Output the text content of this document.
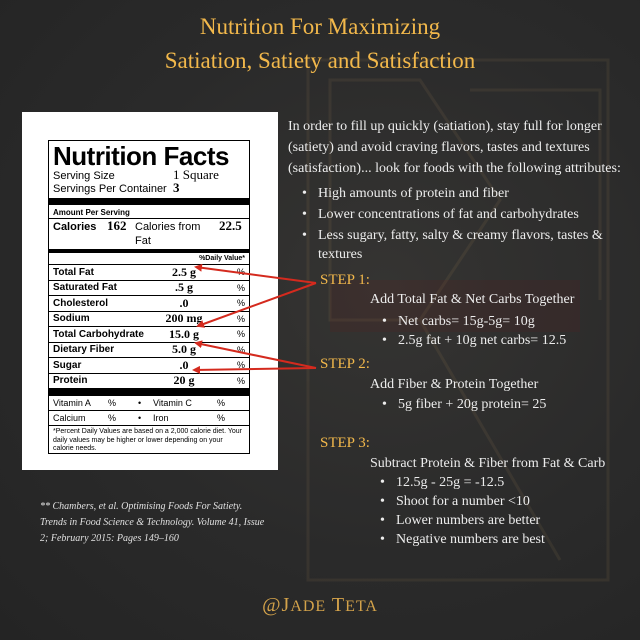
Nutrition For Maximizing
Satiation, Satiety and Satisfaction
Nutrition Facts
Serving Size	1 Square
Servings Per Container 3
Amount Per Serving
Calories 162 Calories from Fat
22.5
%Daily Value*
Total Fat	2.5 g	%
Saturated Fat	.5 g	%
Cholesterol	.0	%
Sodium	200 mg	%
Total Carbohydrate	15.0 g	%
Dietary Fiber	5.0 g	%
Sugar	.0	%
Protein	20 g	%
Vitamin A	%	•	Vitamin C	%
Calcium	%	•	Iron	%
*Percent Daily Values are based on a 2,000 calorie diet. Your daily values may be higher or lower depending on your calorie needs.
In order to fill up quickly (satiation), stay full for longer (satiety) and avoid craving flavors, tastes and textures (satisfaction)... look for foods with the following attributes:
• High amounts of protein and fiber
• Lower concentrations of fat and carbohydrates
• Less sugary, fatty, salty & creamy flavors, tastes & textures
STEP 1:
Add Total Fat & Net Carbs Together
• Net carbs= 15g-5g= 10g
• 2.5g fat + 10g net carbs= 12.5
STEP 2:
Add Fiber & Protein Together
• 5g fiber + 20g protein= 25
STEP 3:
Subtract Protein & Fiber from Fat & Carb
• 12.5g - 25g = -12.5
• Shoot for a number <10
• Lower numbers are better
• Negative numbers are best
** Chambers, et al. Optimising Foods For Satiety. Trends in Food Science & Technology. Volume 41, Issue 2; February 2015: Pages 149–160
@JADE TETA
